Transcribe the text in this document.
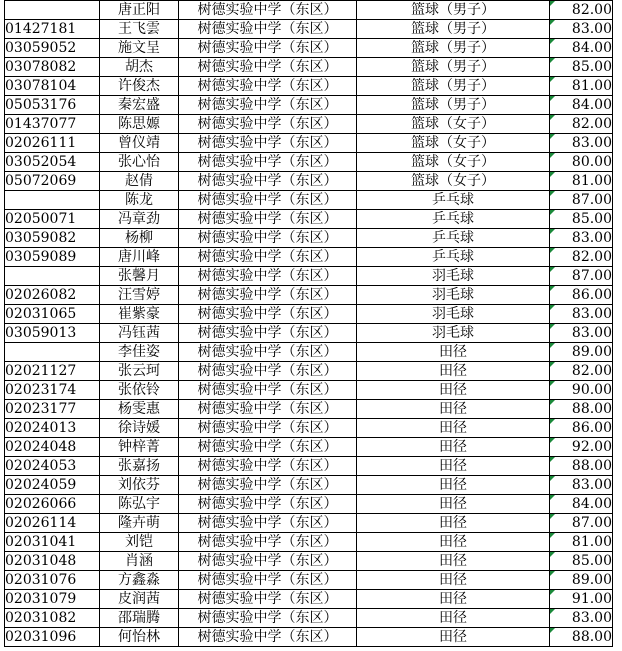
	唐正阳	树德实验中学（东区）	篮球（男子）	82.00
01427181	王飞雲	树德实验中学（东区）	篮球（男子）	83.00
03059052	施文呈	树德实验中学（东区）	篮球（男子）	84.00
03078082	胡杰	树德实验中学（东区）	篮球（男子）	85.00
03078104	许俊杰	树德实验中学（东区）	篮球（男子）	81.00
05053176	秦宏盛	树德实验中学（东区）	篮球（男子）	84.00
01437077	陈思嫄	树德实验中学（东区）	篮球（女子）	82.00
02026111	曾仪靖	树德实验中学（东区）	篮球（女子）	83.00
03052054	张心怡	树德实验中学（东区）	篮球（女子）	80.00
05072069	赵倩	树德实验中学（东区）	篮球（女子）	81.00
	陈龙	树德实验中学（东区）	乒乓球	87.00
02050071	冯章劲	树德实验中学（东区）	乒乓球	85.00
03059082	杨柳	树德实验中学（东区）	乒乓球	83.00
03059089	唐川峰	树德实验中学（东区）	乒乓球	82.00
	张馨月	树德实验中学（东区）	羽毛球	87.00
02026082	汪雪婷	树德实验中学（东区）	羽毛球	86.00
02031065	崔紫豪	树德实验中学（东区）	羽毛球	83.00
03059013	冯钰茜	树德实验中学（东区）	羽毛球	83.00
	李佳姿	树德实验中学（东区）	田径	89.00
02021127	张云珂	树德实验中学（东区）	田径	82.00
02023174	张依铃	树德实验中学（东区）	田径	90.00
02023177	杨雯惠	树德实验中学（东区）	田径	88.00
02024013	徐诗媛	树德实验中学（东区）	田径	86.00
02024048	钟梓菁	树德实验中学（东区）	田径	92.00
02024053	张嘉扬	树德实验中学（东区）	田径	88.00
02024059	刘依芬	树德实验中学（东区）	田径	83.00
02026066	陈弘宇	树德实验中学（东区）	田径	84.00
02026114	隆卉萌	树德实验中学（东区）	田径	87.00
02031041	刘铠	树德实验中学（东区）	田径	81.00
02031048	肖涵	树德实验中学（东区）	田径	85.00
02031076	方鑫淼	树德实验中学（东区）	田径	89.00
02031079	皮润茜	树德实验中学（东区）	田径	91.00
02031082	邵瑞腾	树德实验中学（东区）	田径	83.00
02031096	何怡林	树德实验中学（东区）	田径	88.00
